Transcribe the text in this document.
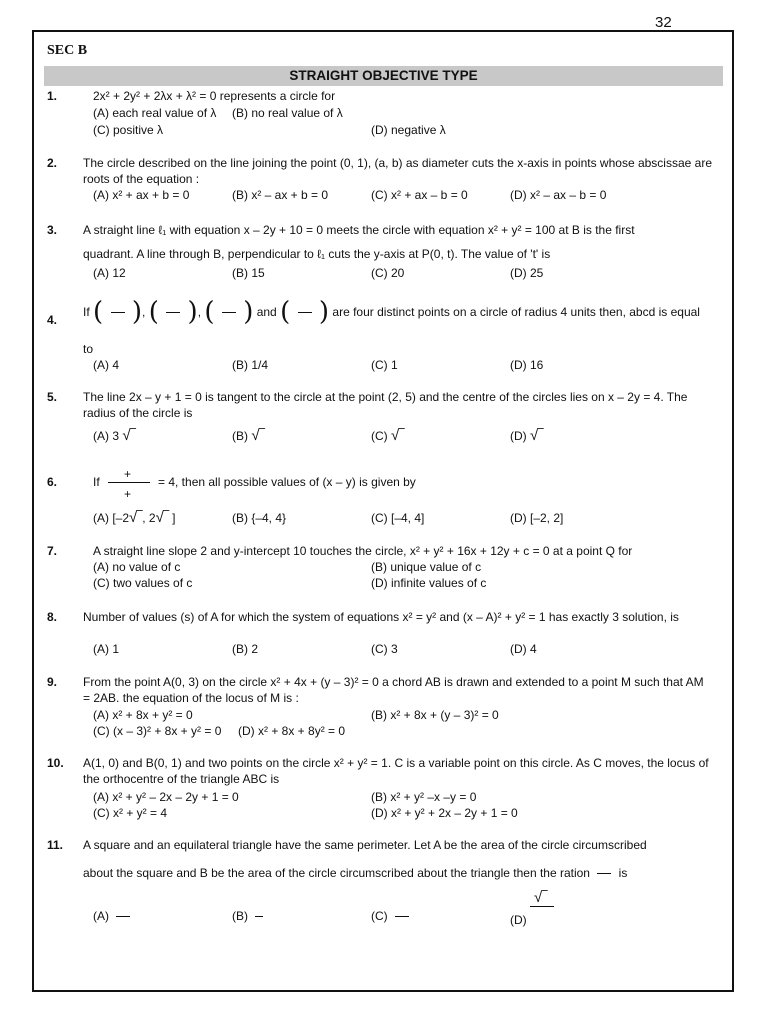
32
SEC B
STRAIGHT OBJECTIVE TYPE
1.	2x² + 2y² + 2λx + λ² = 0 represents a circle for
(A) each real value of λ (B) no real value of λ
(C) positive λ	(D) negative λ
2. The circle described on the line joining the point (0, 1), (a, b) as diameter cuts the x-axis in points whose abscissae are roots of the equation :
(A) x² + ax + b = 0	(B) x² – ax + b = 0	(C) x² + ax – b = 0	(D) x² – ax – b = 0
3. A straight line ℓ₁ with equation x – 2y + 10 = 0 meets the circle with equation x² + y² = 100 at B is the first
quadrant. A line through B, perpendicular to ℓ₁ cuts the y-axis at P(0, t). The value of 't' is
(A) 12	(B) 15	(C) 20	(D) 25
4.
If ( ), ( ), ( ) and ( ) are four distinct points on a circle of radius 4 units then, abcd is equal
to
(A) 4	(B) 1/4	(C) 1	(D) 16
5. The line 2x – y + 1 = 0 is tangent to the circle at the point (2, 5) and the centre of the circles lies on x – 2y = 4. The radius of the circle is
(A) 3 √‾	(B) √‾	(C) √‾	(D) √‾
6.	If
+
+
= 4, then all possible values of (x – y) is given by
(A) [–2√‾, 2√‾ ]	(B) {–4, 4}	(C) [–4, 4]	(D) [–2, 2]
7.	A straight line slope 2 and y-intercept 10 touches the circle, x² + y² + 16x + 12y + c = 0 at a point Q for
(A) no value of c	(B) unique value of c
(C) two values of c	(D) infinite values of c
8. Number of values (s) of A for which the system of equations x² = y² and (x – A)² + y² = 1 has exactly 3 solution, is
(A) 1	(B) 2	(C) 3	(D) 4
9. From the point A(0, 3) on the circle x² + 4x + (y – 3)² = 0 a chord AB is drawn and extended to a point M such that AM = 2AB. the equation of the locus of M is :
(A) x² + 8x + y² = 0	(B) x² + 8x + (y – 3)² = 0
(C) (x – 3)² + 8x + y² = 0 (D) x² + 8x + 8y² = 0
10. A(1, 0) and B(0, 1) and two points on the circle x² + y² = 1. C is a variable point on this circle. As C moves, the locus of the orthocentre of the triangle ABC is
(A) x² + y² – 2x – 2y + 1 = 0	(B) x² + y² –x –y = 0
(C) x² + y² = 4	(D) x² + y² + 2x – 2y + 1 = 0
11. A square and an equilateral triangle have the same perimeter. Let A be the area of the circle circumscribed
about the square and B be the area of the circle circumscribed about the triangle then the ration is
(A)	(B)	(C)	(D)
√‾
